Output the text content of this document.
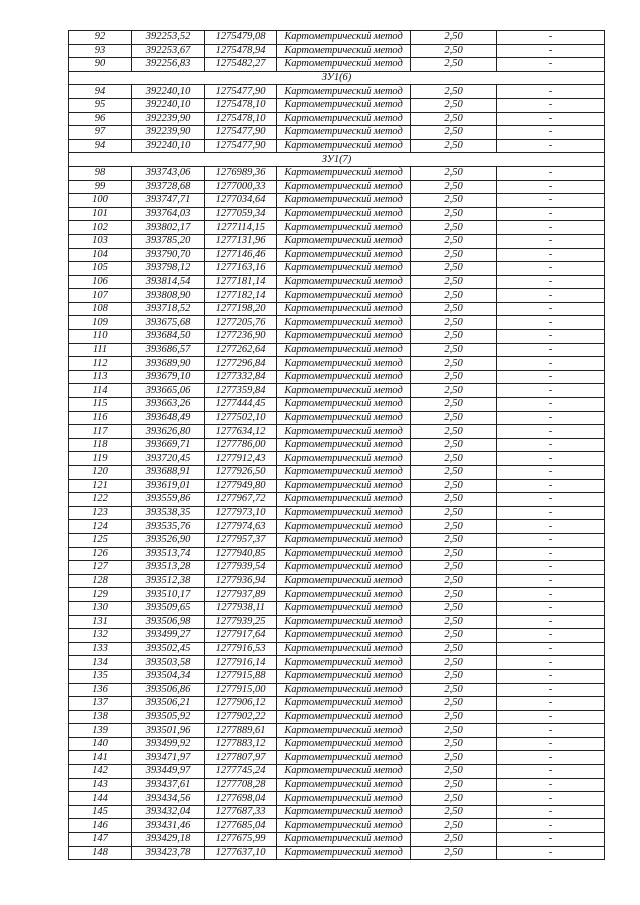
92	392253,52	1275479,08	Картометрический метод	2,50	-
93	392253,67	1275478,94	Картометрический метод	2,50	-
90	392256,83	1275482,27	Картометрический метод	2,50	-
ЗУ1(6)					
94	392240,10	1275477,90	Картометрический метод	2,50	-
95	392240,10	1275478,10	Картометрический метод	2,50	-
96	392239,90	1275478,10	Картометрический метод	2,50	-
97	392239,90	1275477,90	Картометрический метод	2,50	-
94	392240,10	1275477,90	Картометрический метод	2,50	-
ЗУ1(7)					
98	393743,06	1276989,36	Картометрический метод	2,50	-
99	393728,68	1277000,33	Картометрический метод	2,50	-
100	393747,71	1277034,64	Картометрический метод	2,50	-
101	393764,03	1277059,34	Картометрический метод	2,50	-
102	393802,17	1277114,15	Картометрический метод	2,50	-
103	393785,20	1277131,96	Картометрический метод	2,50	-
104	393790,70	1277146,46	Картометрический метод	2,50	-
105	393798,12	1277163,16	Картометрический метод	2,50	-
106	393814,54	1277181,14	Картометрический метод	2,50	-
107	393808,90	1277182,14	Картометрический метод	2,50	-
108	393718,52	1277198,20	Картометрический метод	2,50	-
109	393675,68	1277205,76	Картометрический метод	2,50	-
110	393684,50	1277236,90	Картометрический метод	2,50	-
111	393686,57	1277262,64	Картометрический метод	2,50	-
112	393689,90	1277296,84	Картометрический метод	2,50	-
113	393679,10	1277332,84	Картометрический метод	2,50	-
114	393665,06	1277359,84	Картометрический метод	2,50	-
115	393663,26	1277444,45	Картометрический метод	2,50	-
116	393648,49	1277502,10	Картометрический метод	2,50	-
117	393626,80	1277634,12	Картометрический метод	2,50	-
118	393669,71	1277786,00	Картометрический метод	2,50	-
119	393720,45	1277912,43	Картометрический метод	2,50	-
120	393688,91	1277926,50	Картометрический метод	2,50	-
121	393619,01	1277949,80	Картометрический метод	2,50	-
122	393559,86	1277967,72	Картометрический метод	2,50	-
123	393538,35	1277973,10	Картометрический метод	2,50	-
124	393535,76	1277974,63	Картометрический метод	2,50	-
125	393526,90	1277957,37	Картометрический метод	2,50	-
126	393513,74	1277940,85	Картометрический метод	2,50	-
127	393513,28	1277939,54	Картометрический метод	2,50	-
128	393512,38	1277936,94	Картометрический метод	2,50	-
129	393510,17	1277937,89	Картометрический метод	2,50	-
130	393509,65	1277938,11	Картометрический метод	2,50	-
131	393506,98	1277939,25	Картометрический метод	2,50	-
132	393499,27	1277917,64	Картометрический метод	2,50	-
133	393502,45	1277916,53	Картометрический метод	2,50	-
134	393503,58	1277916,14	Картометрический метод	2,50	-
135	393504,34	1277915,88	Картометрический метод	2,50	-
136	393506,86	1277915,00	Картометрический метод	2,50	-
137	393506,21	1277906,12	Картометрический метод	2,50	-
138	393505,92	1277902,22	Картометрический метод	2,50	-
139	393501,96	1277889,61	Картометрический метод	2,50	-
140	393499,92	1277883,12	Картометрический метод	2,50	-
141	393471,97	1277807,97	Картометрический метод	2,50	-
142	393449,97	1277745,24	Картометрический метод	2,50	-
143	393437,61	1277708,28	Картометрический метод	2,50	-
144	393434,56	1277698,04	Картометрический метод	2,50	-
145	393432,04	1277687,33	Картометрический метод	2,50	-
146	393431,46	1277685,04	Картометрический метод	2,50	-
147	393429,18	1277675,99	Картометрический метод	2,50	-
148	393423,78	1277637,10	Картометрический метод	2,50	-
